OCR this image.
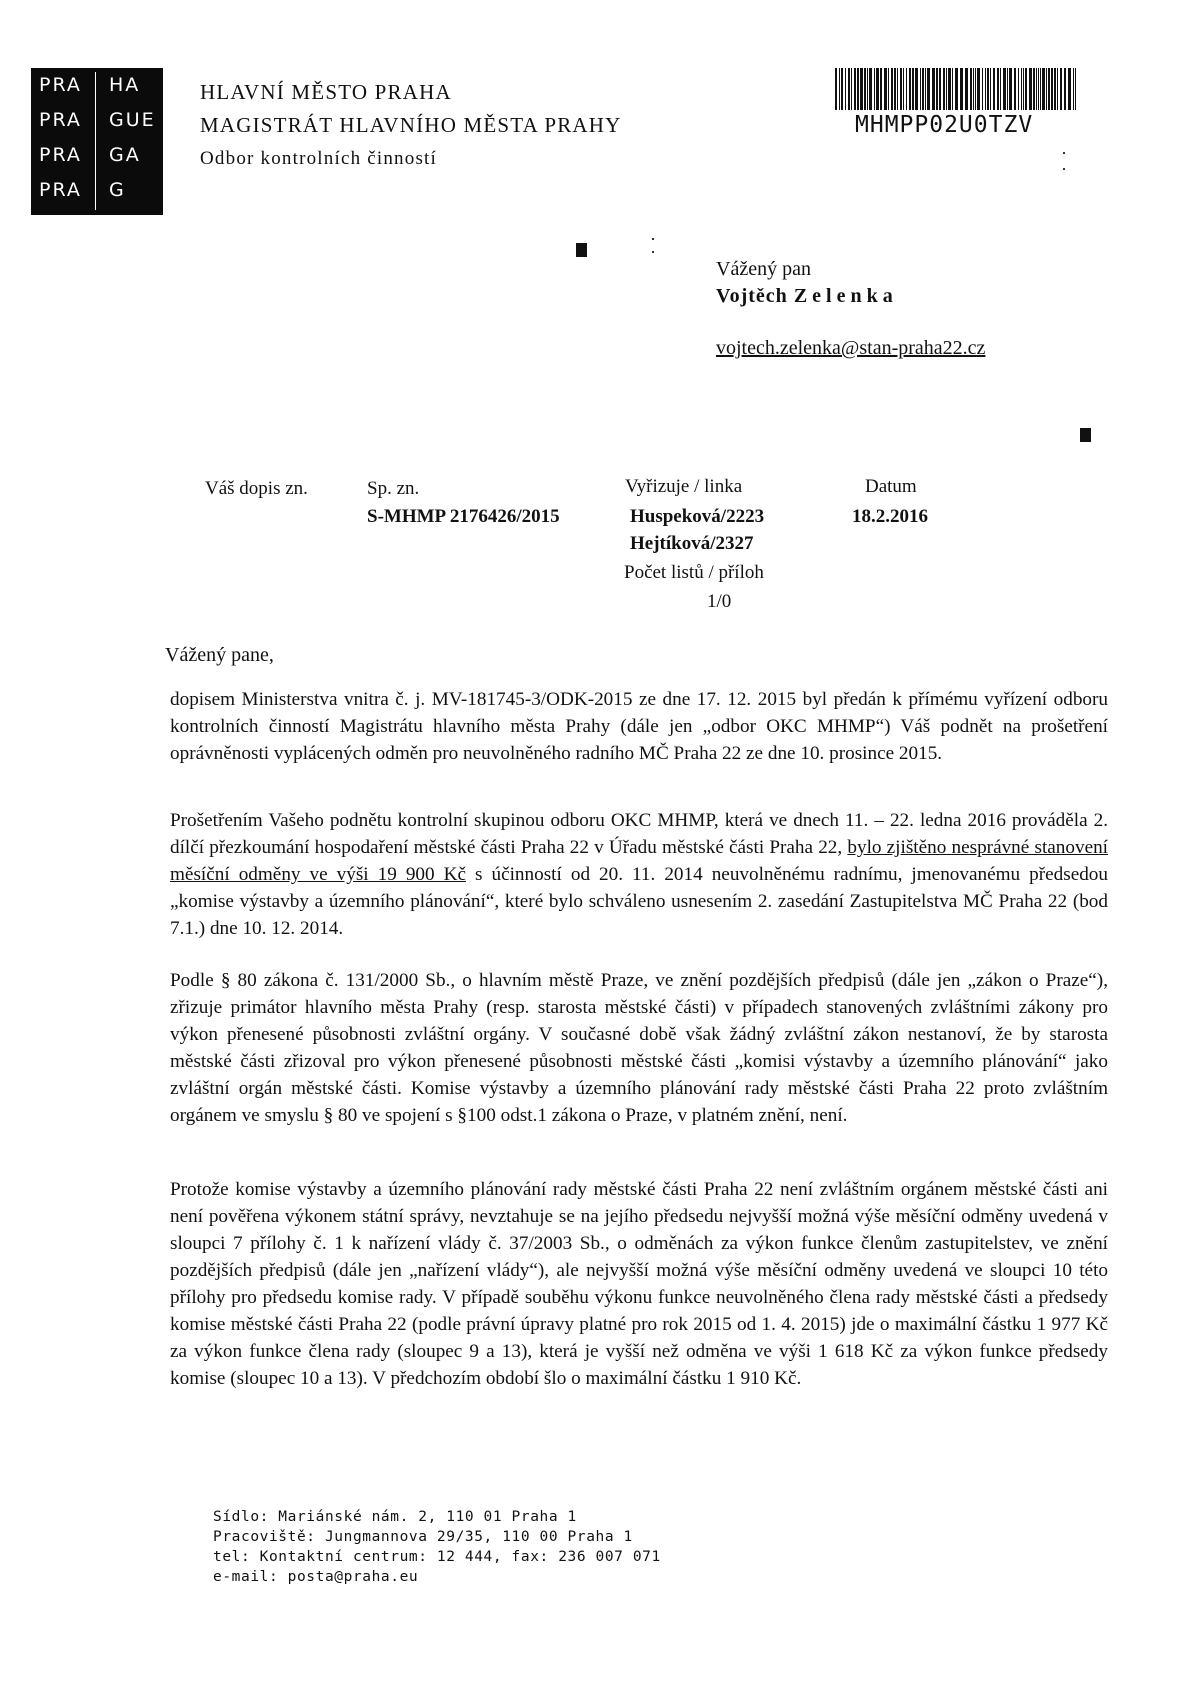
PRA HA
PRA GUE
PRA GA
PRA G
HLAVNÍ MĚSTO PRAHA
MAGISTRÁT HLAVNÍHO MĚSTA PRAHY
Odbor kontrolních činností
MHMPP02U0TZV
Vážený pan
Vojtěch Zelenka
vojtech.zelenka@stan-praha22.cz
Váš dopis zn.	Sp. zn.
S-MHMP 2176426/2015
Vyřizuje / linka
Huspeková/2223
Hejtíková/2327
Počet listů / příloh
1/0
Datum
18.2.2016
Vážený pane,
dopisem Ministerstva vnitra č. j. MV-181745-3/ODK-2015 ze dne 17. 12. 2015 byl předán k přímému vyřízení odboru kontrolních činností Magistrátu hlavního města Prahy (dále jen „odbor OKC MHMP“) Váš podnět na prošetření oprávněnosti vyplácených odměn pro neuvolněného radního MČ Praha 22 ze dne 10. prosince 2015.
Prošetřením Vašeho podnětu kontrolní skupinou odboru OKC MHMP, která ve dnech 11. – 22. ledna 2016 prováděla 2. dílčí přezkoumání hospodaření městské části Praha 22 v Úřadu městské části Praha 22, bylo zjištěno nesprávné stanovení měsíční odměny ve výši 19 900 Kč s účinností od 20. 11. 2014 neuvolněnému radnímu, jmenovanému předsedou „komise výstavby a územního plánování“, které bylo schváleno usnesením 2. zasedání Zastupitelstva MČ Praha 22 (bod 7.1.) dne 10. 12. 2014.
Podle § 80 zákona č. 131/2000 Sb., o hlavním městě Praze, ve znění pozdějších předpisů (dále jen „zákon o Praze“), zřizuje primátor hlavního města Prahy (resp. starosta městské části) v případech stanovených zvláštními zákony pro výkon přenesené působnosti zvláštní orgány. V současné době však žádný zvláštní zákon nestanoví, že by starosta městské části zřizoval pro výkon přenesené působnosti městské části „komisi výstavby a územního plánování“ jako zvláštní orgán městské části. Komise výstavby a územního plánování rady městské části Praha 22 proto zvláštním orgánem ve smyslu § 80 ve spojení s §100 odst.1 zákona o Praze, v platném znění, není.
Protože komise výstavby a územního plánování rady městské části Praha 22 není zvláštním orgánem městské části ani není pověřena výkonem státní správy, nevztahuje se na jejího předsedu nejvyšší možná výše měsíční odměny uvedená v sloupci 7 přílohy č. 1 k nařízení vlády č. 37/2003 Sb., o odměnách za výkon funkce členům zastupitelstev, ve znění pozdějších předpisů (dále jen „nařízení vlády“), ale nejvyšší možná výše měsíční odměny uvedená ve sloupci 10 této přílohy pro předsedu komise rady. V případě souběhu výkonu funkce neuvolněného člena rady městské části a předsedy komise městské části Praha 22 (podle právní úpravy platné pro rok 2015 od 1. 4. 2015) jde o maximální částku 1 977 Kč za výkon funkce člena rady (sloupec 9 a 13), která je vyšší než odměna ve výši 1 618 Kč za výkon funkce předsedy komise (sloupec 10 a 13). V předchozím období šlo o maximální částku 1 910 Kč.
Sídlo: Mariánské nám. 2, 110 01 Praha 1
Pracoviště: Jungmannova 29/35, 110 00 Praha 1
tel: Kontaktní centrum: 12 444, fax: 236 007 071
e-mail: posta@praha.eu
